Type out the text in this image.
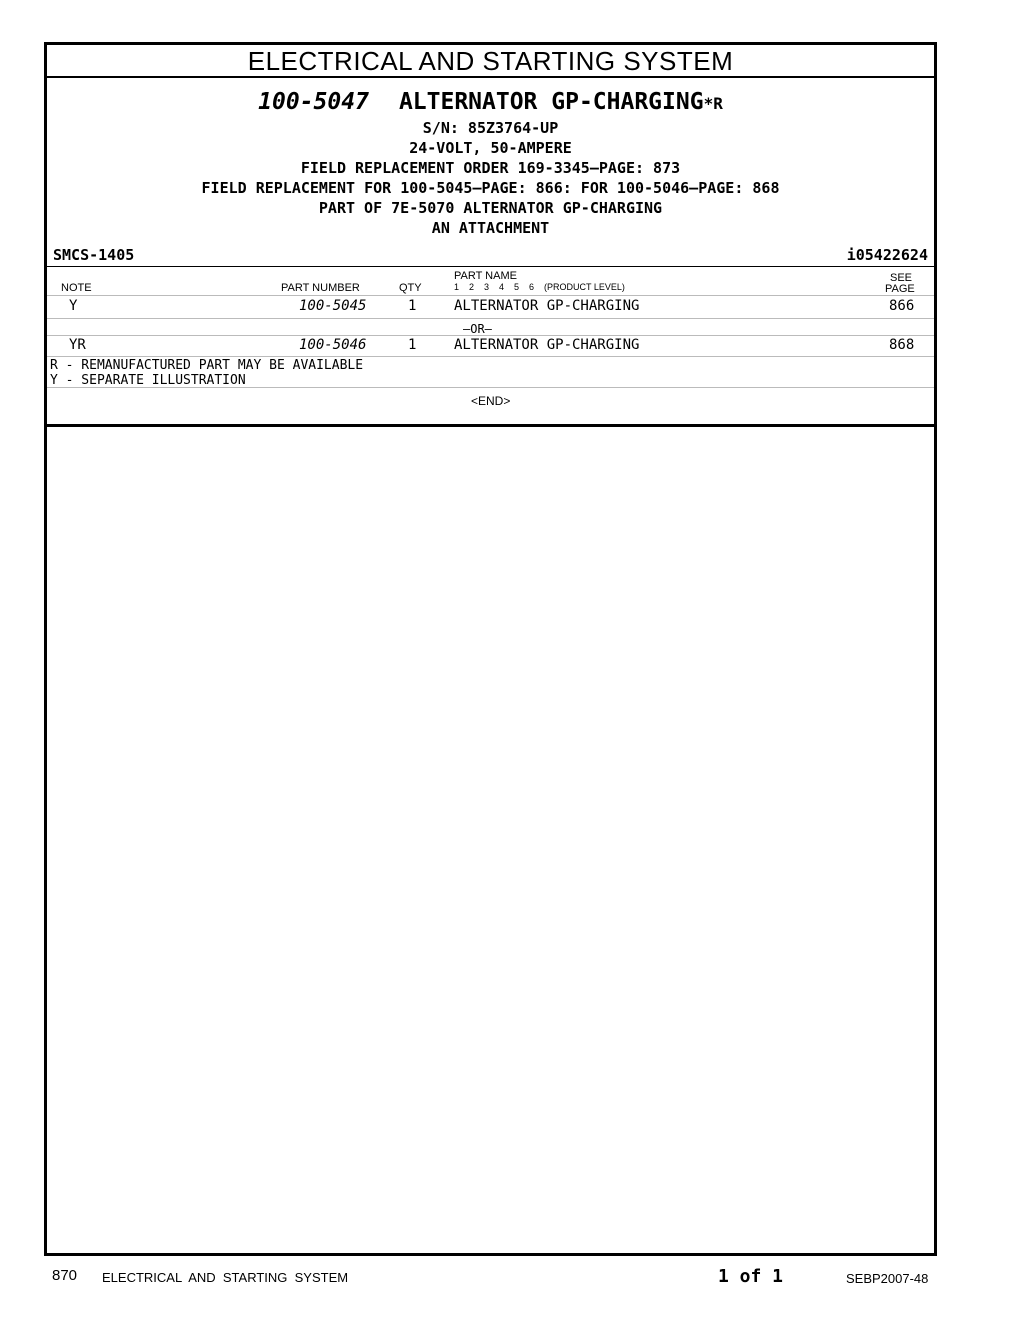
ELECTRICAL AND STARTING SYSTEM
100-5047 ALTERNATOR GP-CHARGING*R
S/N: 85Z3764-UP
24-VOLT, 50-AMPERE
FIELD REPLACEMENT ORDER 169-3345—PAGE: 873
FIELD REPLACEMENT FOR 100-5045—PAGE: 866: FOR 100-5046—PAGE: 868
PART OF 7E-5070 ALTERNATOR GP-CHARGING
AN ATTACHMENT
SMCS-1405	i05422624
NOTE	PART NUMBER	QTY
PART NAME
1    2    3    4    5    6    (PRODUCT LEVEL)
SEE
PAGE
Y	100-5045	1	ALTERNATOR GP-CHARGING	866
—OR—
YR	100-5046	1	ALTERNATOR GP-CHARGING	868
R - REMANUFACTURED PART MAY BE AVAILABLE
Y - SEPARATE ILLUSTRATION
<END>
870 ELECTRICAL  AND  STARTING  SYSTEM	1 of 1	SEBP2007-48
